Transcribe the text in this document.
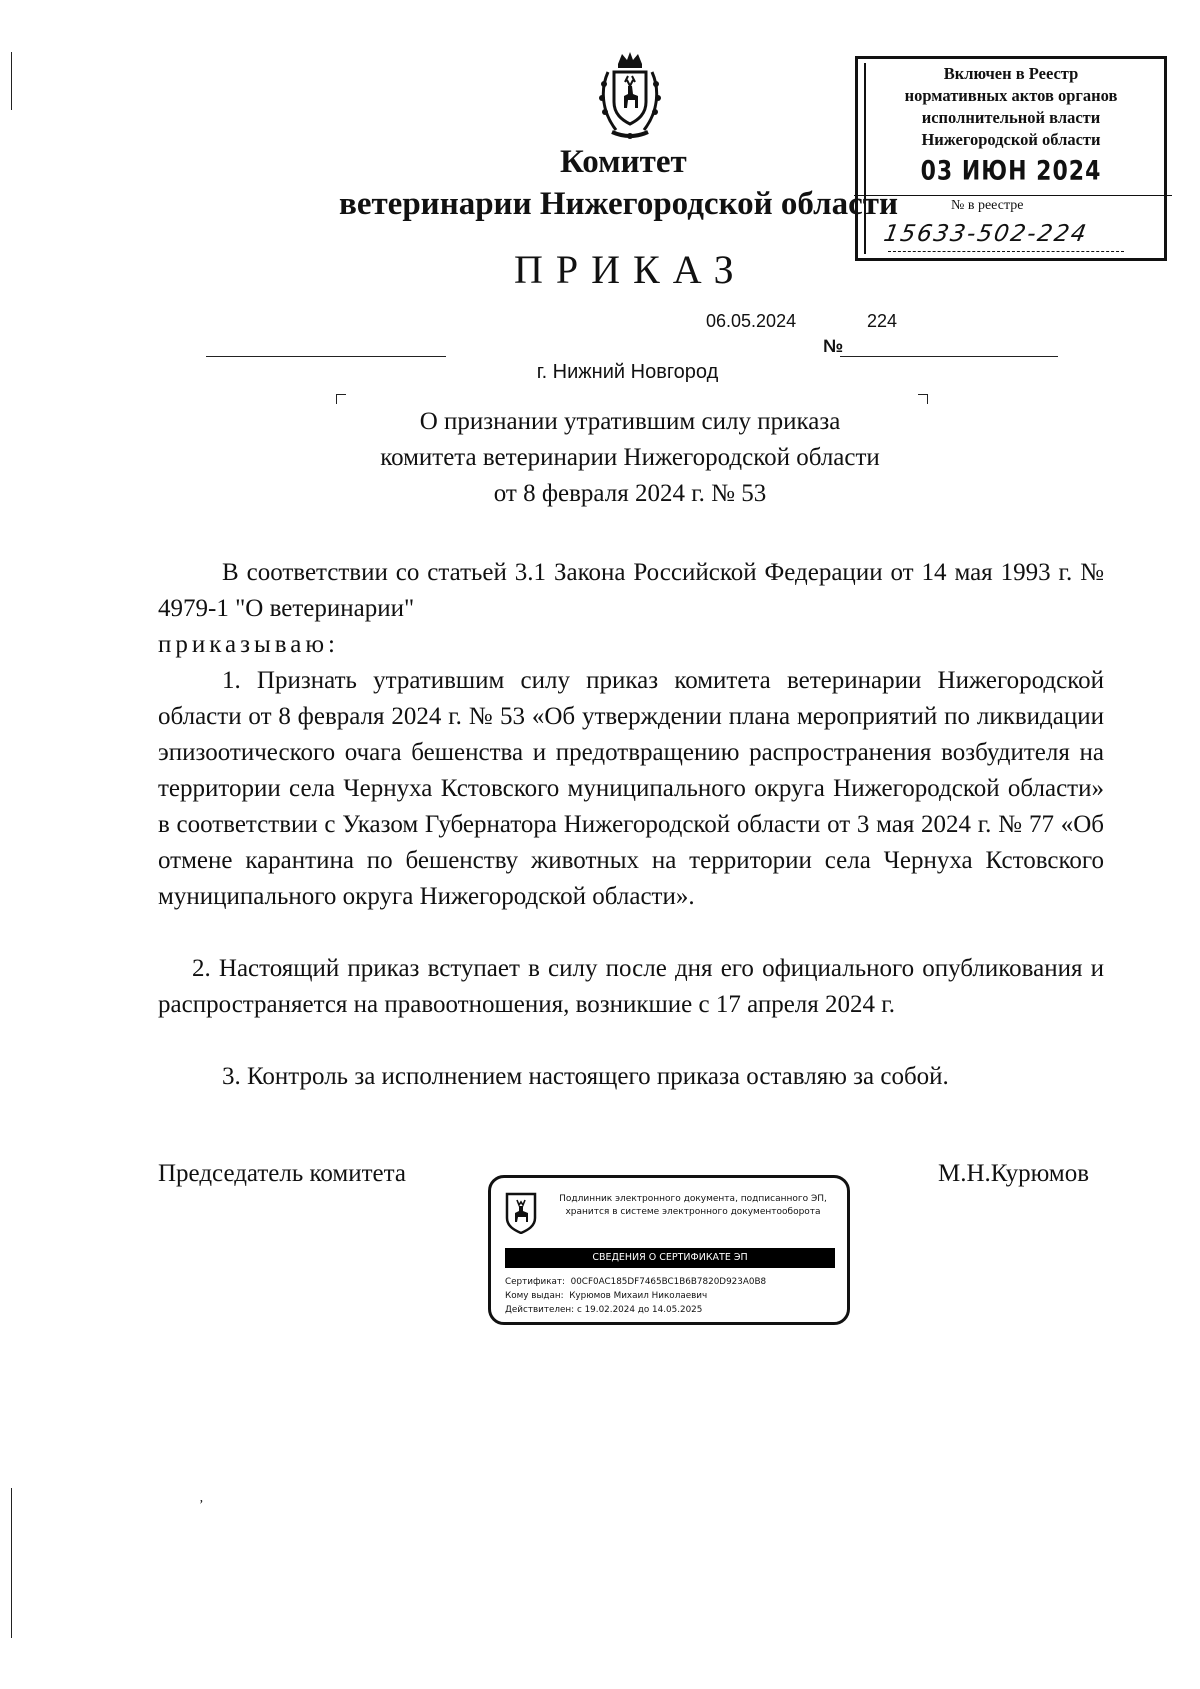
Комитет
ветеринарии Нижегородской области
ПРИКАЗ
06.05.2024	224
№
г. Нижний Новгород
О признании утратившим силу приказа
комитета ветеринарии Нижегородской области
от 8 февраля 2024 г. № 53
В соответствии со статьей 3.1 Закона Российской Федерации от 14 мая 1993 г. № 4979-1 "О ветеринарии"
приказываю:
1. Признать утратившим силу приказ комитета ветеринарии Нижегородской области от 8 февраля 2024 г. № 53 «Об утверждении плана мероприятий по ликвидации эпизоотического очага бешенства и предотвращению распространения возбудителя на территории села Чернуха Кстовского муниципального округа Нижегородской области» в соответствии с Указом Губернатора Нижегородской области от 3 мая 2024 г. № 77 «Об отмене карантина по бешенству животных на территории села Чернуха Кстовского муниципального округа Нижегородской области».
2. Настоящий приказ вступает в силу после дня его официального опубликования и распространяется на правоотношения, возникшие с 17 апреля 2024 г.
3. Контроль за исполнением настоящего приказа оставляю за собой.
Председатель комитета	М.Н.Курюмов
Включен в Реестр
нормативных актов органов
исполнительной власти
Нижегородской области
03 ИЮН 2024
№ в реестре
15633-502-224
Подлинник электронного документа, подписанного ЭП, хранится в системе электронного документооборота
СВЕДЕНИЯ О СЕРТИФИКАТЕ ЭП
Сертификат: 00CF0AC185DF7465BC1B6B7820D923A0B8
Кому выдан: Курюмов Михаил Николаевич
Действителен: с 19.02.2024 до 14.05.2025
’
